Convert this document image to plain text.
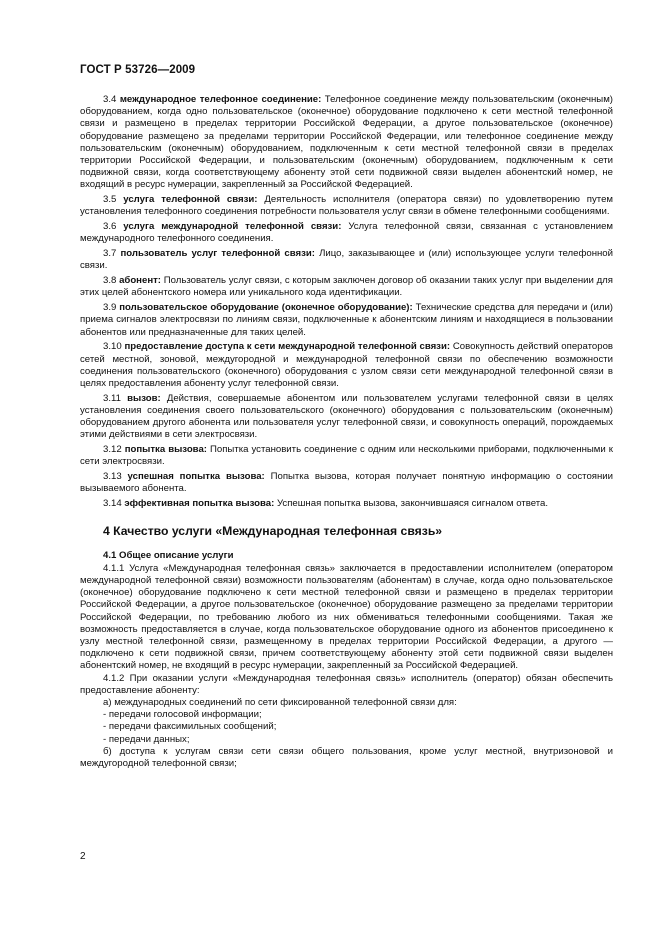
ГОСТ Р 53726—2009

3.4 международное телефонное соединение: Телефонное соединение между пользовательским (оконечным) оборудованием, когда одно пользовательское (оконечное) оборудование подключено к сети местной телефонной связи и размещено в пределах территории Российской Федерации, а другое пользовательское (оконечное) оборудование размещено за пределами территории Российской Федерации, или телефонное соединение между пользовательским (оконечным) оборудованием, подключенным к сети местной телефонной связи в пределах территории Российской Федерации, и пользовательским (оконечным) оборудованием, подключенным к сети подвижной связи, когда соответствующему абоненту этой сети подвижной связи выделен абонентский номер, не входящий в ресурс нумерации, закрепленный за Российской Федерацией.

3.5 услуга телефонной связи: Деятельность исполнителя (оператора связи) по удовлетворению путем установления телефонного соединения потребности пользователя услуг связи в обмене телефонными сообщениями.

3.6 услуга международной телефонной связи: Услуга телефонной связи, связанная с установлением международного телефонного соединения.

3.7 пользователь услуг телефонной связи: Лицо, заказывающее и (или) использующее услуги телефонной связи.

3.8 абонент: Пользователь услуг связи, с которым заключен договор об оказании таких услуг при выделении для этих целей абонентского номера или уникального кода идентификации.

3.9 пользовательское оборудование (оконечное оборудование): Технические средства для передачи и (или) приема сигналов электросвязи по линиям связи, подключенные к абонентским линиям и находящиеся в пользовании абонентов или предназначенные для таких целей.

3.10 предоставление доступа к сети международной телефонной связи: Совокупность действий операторов сетей местной, зоновой, междугородной и международной телефонной связи по обеспечению возможности соединения пользовательского (оконечного) оборудования с узлом связи сети международной телефонной связи в целях предоставления абоненту услуг телефонной связи.

3.11 вызов: Действия, совершаемые абонентом или пользователем услугами телефонной связи в целях установления соединения своего пользовательского (оконечного) оборудования с пользовательским (оконечным) оборудованием другого абонента или пользователя услуг телефонной связи, и совокупность операций, порождаемых этими действиями в сети электросвязи.

3.12 попытка вызова: Попытка установить соединение с одним или несколькими приборами, подключенными к сети электросвязи.

3.13 успешная попытка вызова: Попытка вызова, которая получает понятную информацию о состоянии вызываемого абонента.

3.14 эффективная попытка вызова: Успешная попытка вызова, закончившаяся сигналом ответа.

4 Качество услуги «Международная телефонная связь»
4.1 Общее описание услуги

4.1.1 Услуга «Международная телефонная связь» заключается в предоставлении исполнителем (оператором международной телефонной связи) возможности пользователям (абонентам) в случае, когда одно пользовательское (оконечное) оборудование подключено к сети местной телефонной связи и размещено в пределах территории Российской Федерации, а другое пользовательское (оконечное) оборудование размещено за пределами территории Российской Федерации, по требованию любого из них обмениваться телефонными сообщениями. Такая же возможность предоставляется в случае, когда пользовательское оборудование одного из абонентов присоединено к узлу местной телефонной связи, размещенному в пределах территории Российской Федерации, а другого — подключено к сети подвижной связи, причем соответствующему абоненту этой сети подвижной связи выделен абонентский номер, не входящий в ресурс нумерации, закрепленный за Российской Федерацией.

4.1.2 При оказании услуги «Международная телефонная связь» исполнитель (оператор) обязан обеспечить предоставление абоненту:

а) международных соединений по сети фиксированной телефонной связи для:

- передачи голосовой информации;

- передачи факсимильных сообщений;

- передачи данных;

б) доступа к услугам связи сети связи общего пользования, кроме услуг местной, внутризоновой и междугородной телефонной связи;

2
